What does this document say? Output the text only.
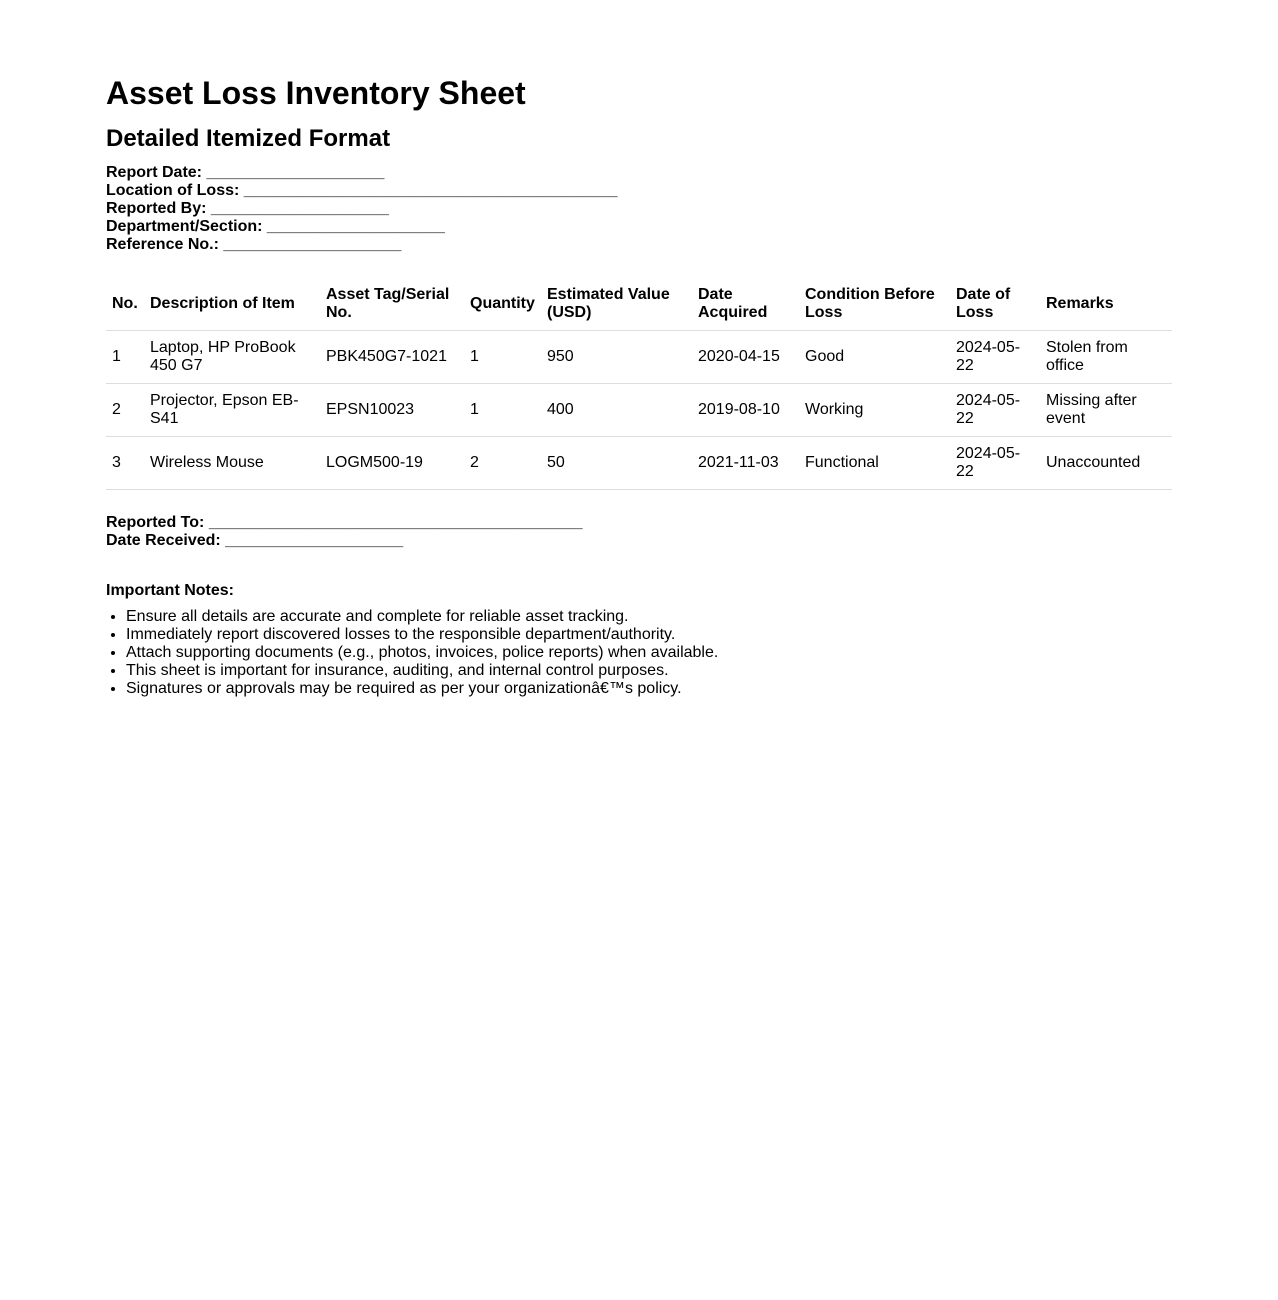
Asset Loss Inventory Sheet
Detailed Itemized Format
Report Date: ____________________
Location of Loss: __________________________________________
Reported By: ____________________
Department/Section: ____________________
Reference No.: ____________________
No.	Description of Item	Asset Tag/Serial No.	Quantity	Estimated Value (USD)	Date Acquired	Condition Before Loss	Date of Loss	Remarks
1	Laptop, HP ProBook 450 G7	PBK450G7-1021	1	950	2020-04-15	Good	2024-05-22	Stolen from office
2	Projector, Epson EB-S41	EPSN10023	1	400	2019-08-10	Working	2024-05-22	Missing after event
3	Wireless Mouse	LOGM500-19	2	50	2021-11-03	Functional	2024-05-22	Unaccounted
Reported To: __________________________________________
Date Received: ____________________
Important Notes:
• Ensure all details are accurate and complete for reliable asset tracking.
• Immediately report discovered losses to the responsible department/authority.
• Attach supporting documents (e.g., photos, invoices, police reports) when available.
• This sheet is important for insurance, auditing, and internal control purposes.
• Signatures or approvals may be required as per your organizationâ€™s policy.
